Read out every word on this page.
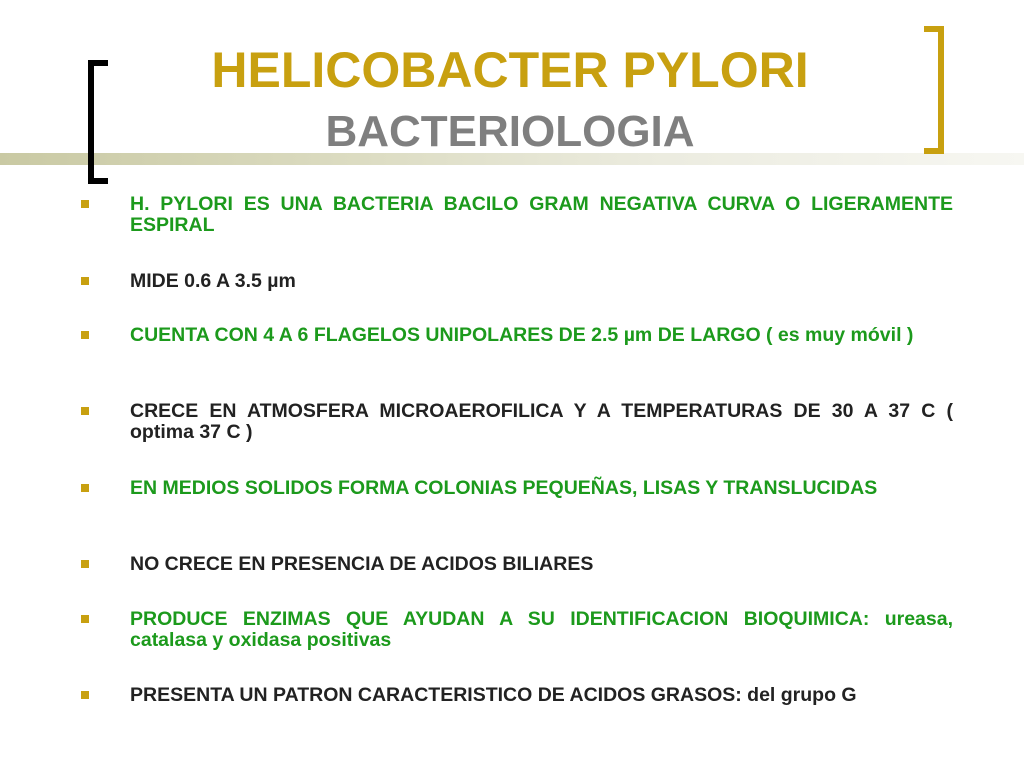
HELICOBACTER PYLORI
BACTERIOLOGIA
H. PYLORI ES UNA BACTERIA BACILO GRAM NEGATIVA CURVA O LIGERAMENTE ESPIRAL
MIDE 0.6 A 3.5 µm
CUENTA CON 4 A 6 FLAGELOS UNIPOLARES DE 2.5 µm DE LARGO ( es muy móvil )
CRECE EN ATMOSFERA MICROAEROFILICA Y A TEMPERATURAS DE 30 A 37 C ( optima 37 C )
EN MEDIOS SOLIDOS FORMA COLONIAS PEQUEÑAS, LISAS Y TRANSLUCIDAS
NO CRECE EN PRESENCIA DE ACIDOS BILIARES
PRODUCE ENZIMAS QUE AYUDAN A SU IDENTIFICACION BIOQUIMICA: ureasa, catalasa y oxidasa positivas
PRESENTA UN PATRON CARACTERISTICO DE ACIDOS GRASOS: del grupo G
